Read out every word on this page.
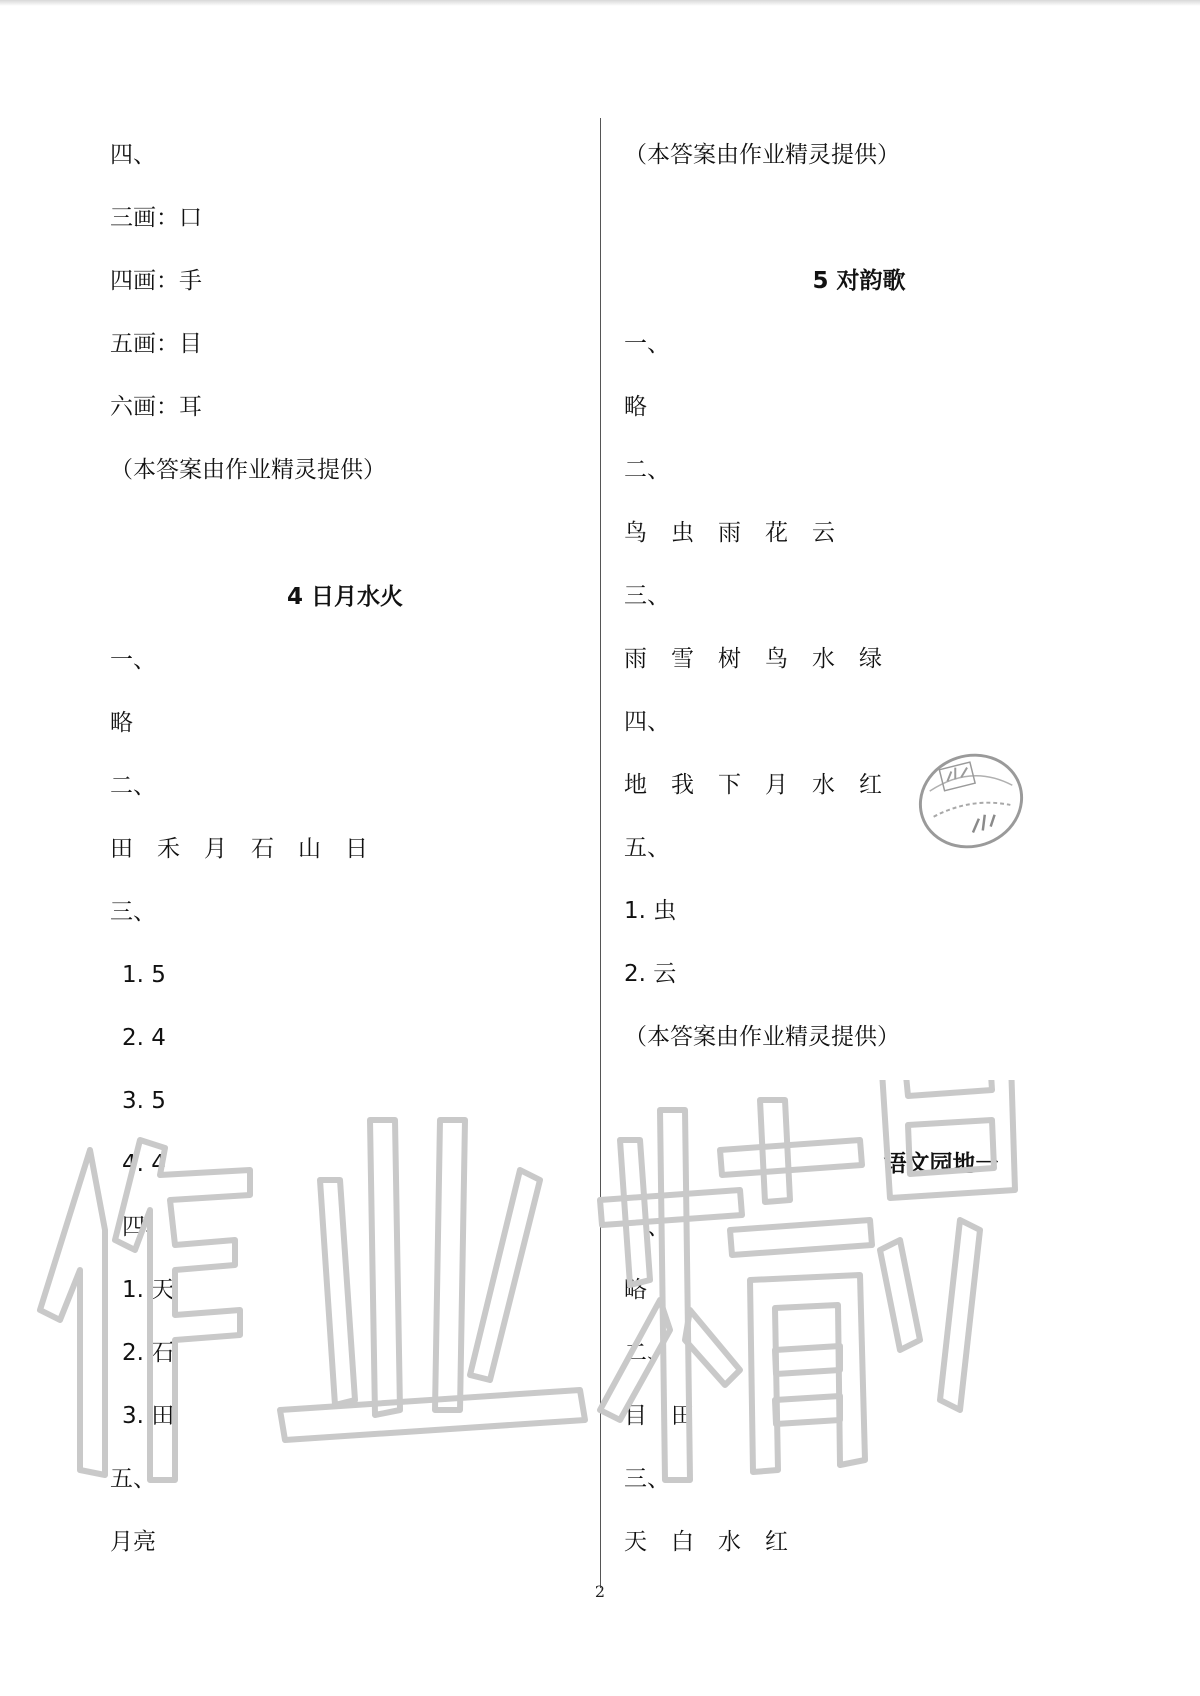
四、
三画：口
四画：手
五画：目
六画：耳
（本答案由作业精灵提供）
4 日月水火
一、
略
二、
田 禾 月 石 山 日
三、
1. 5
2. 4
3. 5
4. 4
四、
1. 天
2. 石
3. 田
五、
月亮
（本答案由作业精灵提供）
5 对韵歌
一、
略
二、
鸟 虫 雨 花 云
三、
雨 雪 树 鸟 水 绿
四、
地 我 下 月 水 红
五、
1. 虫
2. 云
（本答案由作业精灵提供）
语文园地一
一、
略
二、
目 田
三、
天 白 水 红
2
